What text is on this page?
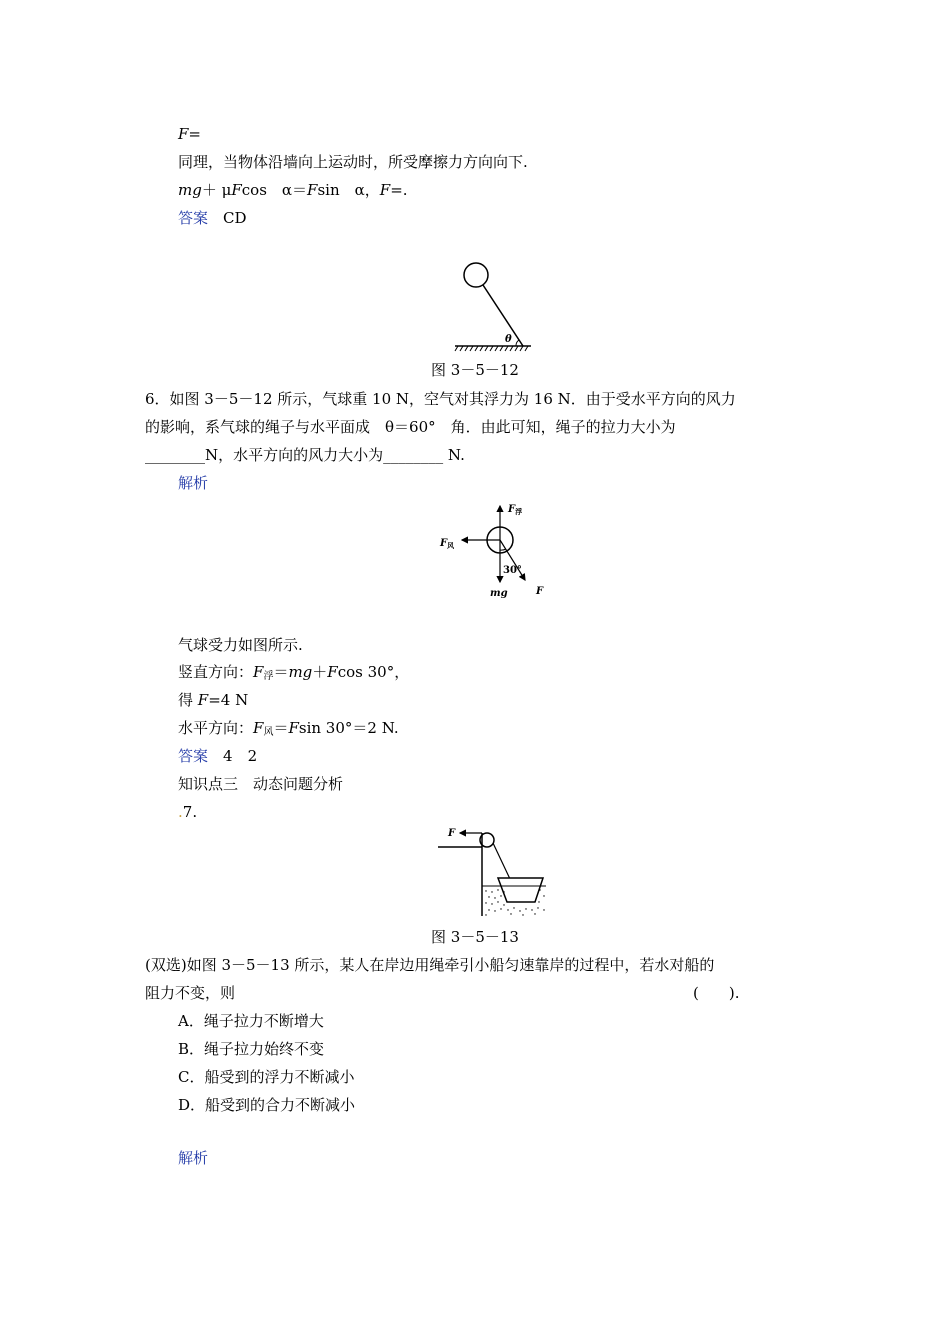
F=
同理，当物体沿墙向上运动时，所受摩擦力方向向下.
mg＋ μFcos　α＝Fsin　α，F=.
答案　 CD
θ
图 3－5－12
6．如图 3－5－12 所示，气球重 10 N，空气对其浮力为 16 N．由于受水平方向的风力
的影响，系气球的绳子与水平面成　θ＝60°　角．由此可知，绳子的拉力大小为
________N，水平方向的风力大小为________ N.
解析
$F_浮$
$F_风$
30°
mg	F
气球受力如图所示.
竖直方向：$F_浮=mg+Fcos$ 30°，
得 F=4 N
水平方向：$F_风=Fsin$ 30°＝2 N.
答案　 4　2
知识点三　动态问题分析
.7.
F
图 3－5－13
(双选)如图 3－5－13 所示，某人在岸边用绳牵引小船匀速靠岸的过程中，若水对船的
阻力不变，则	(　　).
A．绳子拉力不断增大
B．绳子拉力始终不变
C．船受到的浮力不断减小
D．船受到的合力不断减小
解析
